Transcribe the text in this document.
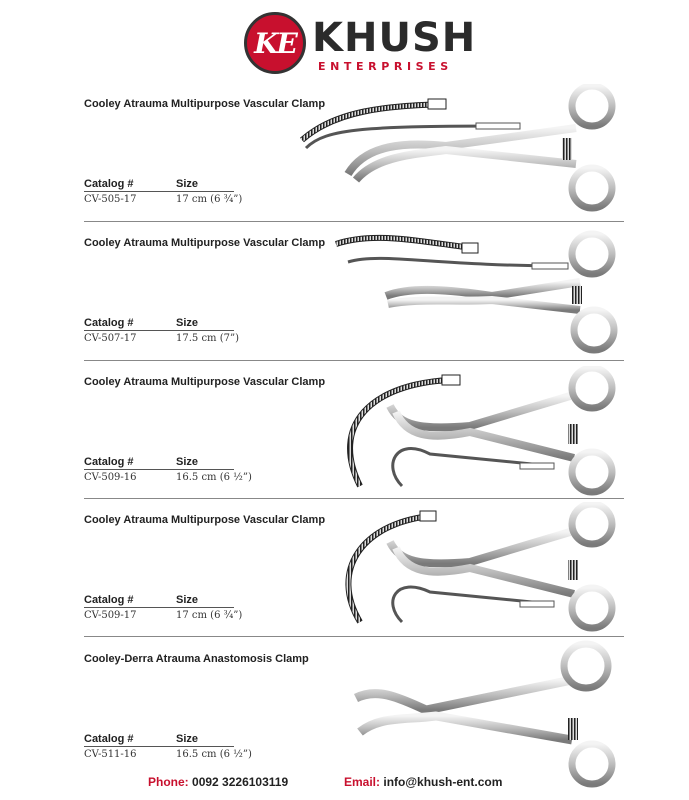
KE KHUSH
ENTERPRISES
Cooley Atrauma Multipurpose Vascular Clamp
Catalog #	Size
CV-505-17	17 cm (6 ¾”)
Cooley Atrauma Multipurpose Vascular Clamp
Catalog #	Size
CV-507-17	17.5 cm (7”)
Cooley Atrauma Multipurpose Vascular Clamp
Catalog #	Size
CV-509-16	16.5 cm (6 ½”)
Cooley Atrauma Multipurpose Vascular Clamp
Catalog #	Size
CV-509-17	17 cm (6 ¾”)
Cooley-Derra Atrauma Anastomosis Clamp
Catalog #	Size
CV-511-16	16.5 cm (6 ½”)
Phone: 0092 3226103119	Email: info@khush-ent.com
